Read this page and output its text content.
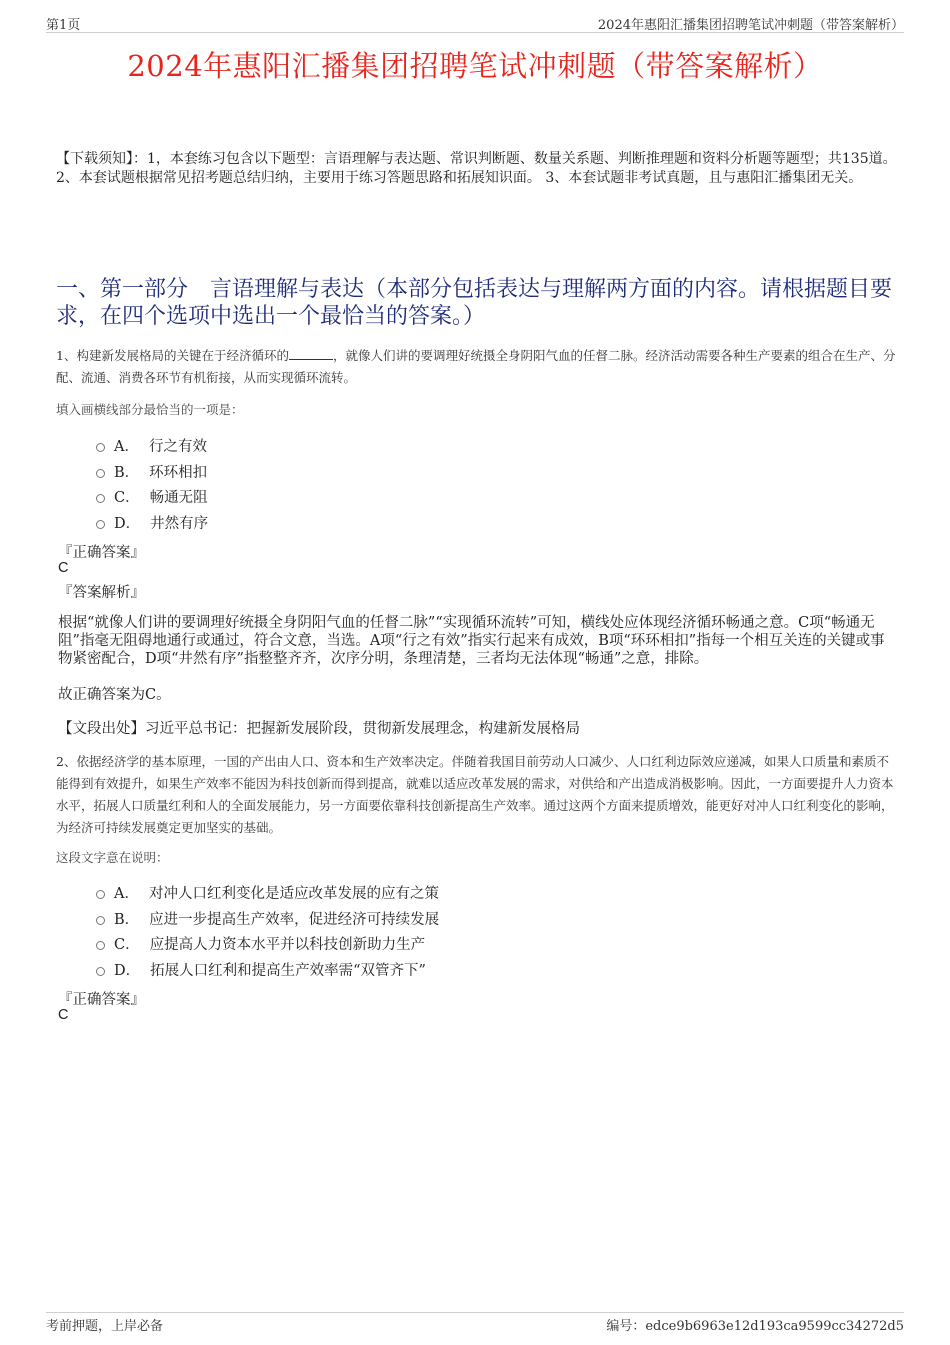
第1页	2024年惠阳汇播集团招聘笔试冲刺题（带答案解析）
2024年惠阳汇播集团招聘笔试冲刺题（带答案解析）
【下载须知】：1，本套练习包含以下题型：言语理解与表达题、常识判断题、数量关系题、判断推理题和资料分析题等题型；共135道。 2、本套试题根据常见招考题总结归纳，主要用于练习答题思路和拓展知识面。 3、本套试题非考试真题，且与惠阳汇播集团无关。
一、第一部分　言语理解与表达（本部分包括表达与理解两方面的内容。请根据题目要求，在四个选项中选出一个最恰当的答案。）
1、构建新发展格局的关键在于经济循环的	，就像人们讲的要调理好统摄全身阴阳气血的任督二脉。经济活动需要各种生产要素的组合在生产、分配、流通、消费各环节有机衔接，从而实现循环流转。
填入画横线部分最恰当的一项是：
A． 行之有效
B． 环环相扣
C． 畅通无阻
D． 井然有序
『正确答案』
C
『答案解析』
根据“就像人们讲的要调理好统摄全身阴阳气血的任督二脉”“实现循环流转”可知，横线处应体现经济循环畅通之意。C项“畅通无阻”指毫无阻碍地通行或通过，符合文意，当选。A项“行之有效”指实行起来有成效，B项“环环相扣”指每一个相互关连的关键或事物紧密配合，D项“井然有序”指整整齐齐，次序分明，条理清楚，三者均无法体现“畅通”之意，排除。
故正确答案为C。
【文段出处】习近平总书记：把握新发展阶段，贯彻新发展理念，构建新发展格局
2、依据经济学的基本原理，一国的产出由人口、资本和生产效率决定。伴随着我国目前劳动人口减少、人口红利边际效应递减，如果人口质量和素质不能得到有效提升，如果生产效率不能因为科技创新而得到提高，就难以适应改革发展的需求，对供给和产出造成消极影响。因此，一方面要提升人力资本水平，拓展人口质量红利和人的全面发展能力，另一方面要依靠科技创新提高生产效率。通过这两个方面来提质增效，能更好对冲人口红利变化的影响，为经济可持续发展奠定更加坚实的基础。
这段文字意在说明：
A． 对冲人口红利变化是适应改革发展的应有之策
B． 应进一步提高生产效率，促进经济可持续发展
C． 应提高人力资本水平并以科技创新助力生产
D． 拓展人口红利和提高生产效率需“双管齐下”
『正确答案』
C
考前押题，上岸必备	编号：edce9b6963e12d193ca9599cc34272d5
